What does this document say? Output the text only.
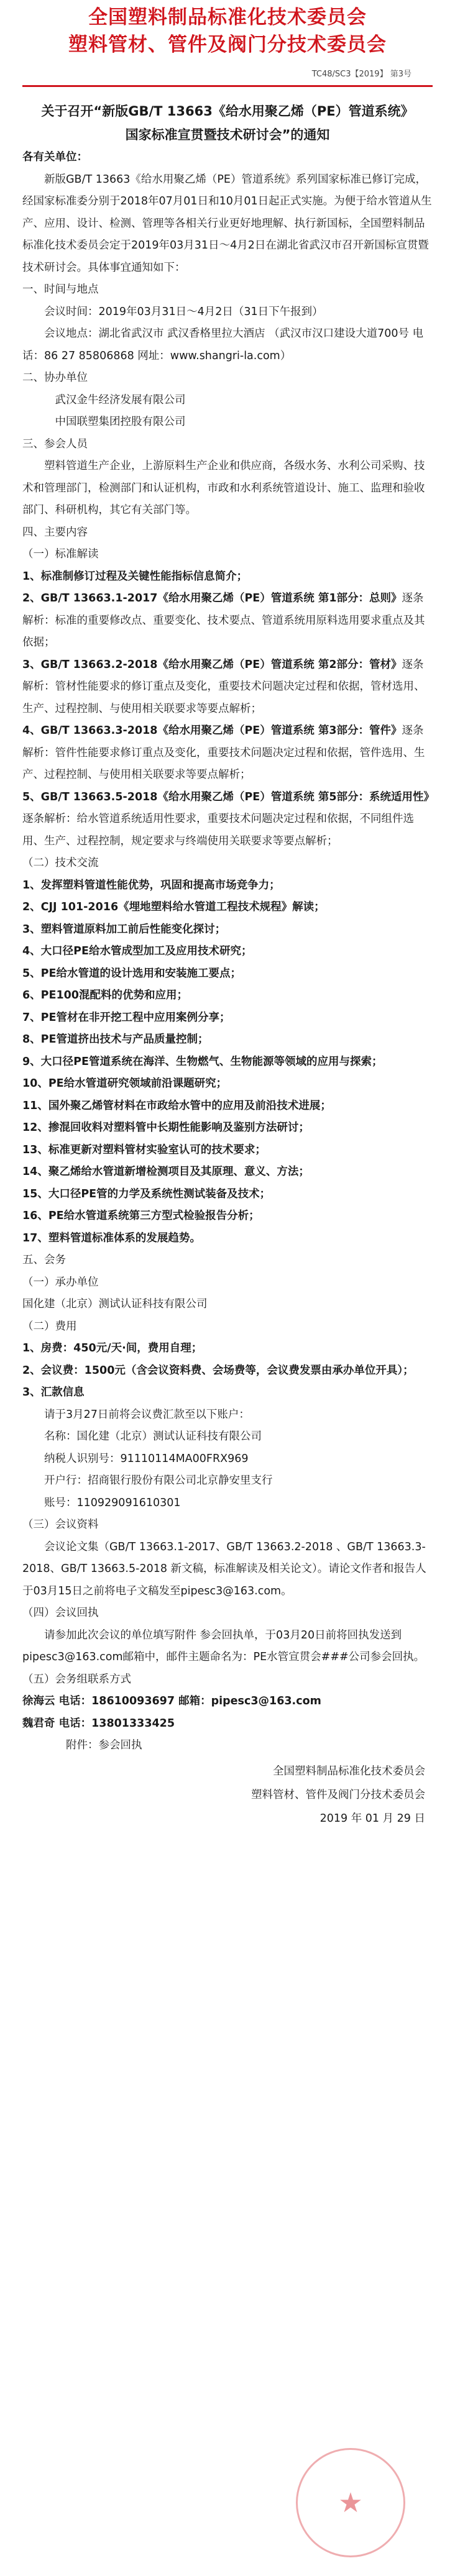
全国塑料制品标准化技术委员会
塑料管材、管件及阀门分技术委员会
TC48/SC3【2019】 第3号
关于召开“新版GB/T 13663《给水用聚乙烯（PE）管道系统》
国家标准宣贯暨技术研讨会”的通知

各有关单位：

新版GB/T 13663《给水用聚乙烯（PE）管道系统》系列国家标准已修订完成，经国家标准委分别于2018年07月01日和10月01日起正式实施。为便于给水管道从生产、应用、设计、检测、管理等各相关行业更好地理解、执行新国标，全国塑料制品标准化技术委员会定于2019年03月31日～4月2日在湖北省武汉市召开新国标宣贯暨技术研讨会。具体事宜通知如下：

一、时间与地点

会议时间：2019年03月31日～4月2日（31日下午报到）

会议地点：湖北省武汉市 武汉香格里拉大酒店 （武汉市汉口建设大道700号 电话：86 27 85806868 网址：www.shangri-la.com）

二、协办单位

武汉金牛经济发展有限公司

中国联塑集团控股有限公司

三、参会人员

塑料管道生产企业，上游原料生产企业和供应商，各级水务、水利公司采购、技术和管理部门，检测部门和认证机构，市政和水利系统管道设计、施工、监理和验收部门、科研机构，其它有关部门等。

四、主要内容

（一）标准解读

1、标准制修订过程及关键性能指标信息简介；

2、GB/T 13663.1-2017《给水用聚乙烯（PE）管道系统 第1部分：总则》逐条解析：标准的重要修改点、重要变化、技术要点、管道系统用原料选用要求重点及其依据；

3、GB/T 13663.2-2018《给水用聚乙烯（PE）管道系统 第2部分：管材》逐条解析：管材性能要求的修订重点及变化，重要技术问题决定过程和依据，管材选用、生产、过程控制、与使用相关联要求等要点解析；

4、GB/T 13663.3-2018《给水用聚乙烯（PE）管道系统 第3部分：管件》逐条解析：管件性能要求修订重点及变化，重要技术问题决定过程和依据，管件选用、生产、过程控制、与使用相关联要求等要点解析；

5、GB/T 13663.5-2018《给水用聚乙烯（PE）管道系统 第5部分：系统适用性》逐条解析：给水管道系统适用性要求，重要技术问题决定过程和依据，不同组件选用、生产、过程控制，规定要求与终端使用关联要求等要点解析；

（二）技术交流

1、发挥塑料管道性能优势，巩固和提高市场竞争力；

2、CJJ 101-2016《埋地塑料给水管道工程技术规程》解读；

3、塑料管道原料加工前后性能变化探讨；

4、大口径PE给水管成型加工及应用技术研究；

5、PE给水管道的设计选用和安装施工要点；

6、PE100混配料的优势和应用；

7、PE管材在非开挖工程中应用案例分享；

8、PE管道挤出技术与产品质量控制；

9、大口径PE管道系统在海洋、生物燃气、生物能源等领域的应用与探索；

10、PE给水管道研究领域前沿课题研究；

11、国外聚乙烯管材料在市政给水管中的应用及前沿技术进展；

12、掺混回收料对塑料管中长期性能影响及鉴别方法研讨；

13、标准更新对塑料管材实验室认可的技术要求；

14、聚乙烯给水管道新增检测项目及其原理、意义、方法；

15、大口径PE管的力学及系统性测试装备及技术；

16、PE给水管道系统第三方型式检验报告分析；

17、塑料管道标准体系的发展趋势。

五、会务

（一）承办单位

国化建（北京）测试认证科技有限公司

（二）费用

1、房费：450元/天·间，费用自理；

2、会议费：1500元（含会议资料费、会场费等，会议费发票由承办单位开具）；

3、汇款信息

请于3月27日前将会议费汇款至以下账户：

名称：国化建（北京）测试认证科技有限公司

纳税人识别号：91110114MA00FRX969

开户行：招商银行股份有限公司北京静安里支行

账号：110929091610301

（三）会议资料

会议论文集（GB/T 13663.1-2017、GB/T 13663.2-2018 、GB/T 13663.3-2018、GB/T 13663.5-2018 新文稿，标准解读及相关论文）。请论文作者和报告人于03月15日之前将电子文稿发至pipesc3@163.com。

（四）会议回执

请参加此次会议的单位填写附件 参会回执单，于03月20日前将回执发送到pipesc3@163.com邮箱中，邮件主题命名为：PE水管宣贯会###公司参会回执。

（五）会务组联系方式

徐海云 电话：18610093697 邮箱：pipesc3@163.com

魏君奇 电话：13801333425

附件：参会回执

全国塑料制品标准化技术委员会
塑料管材、管件及阀门分技术委员会
2019 年 01 月 29 日
★
